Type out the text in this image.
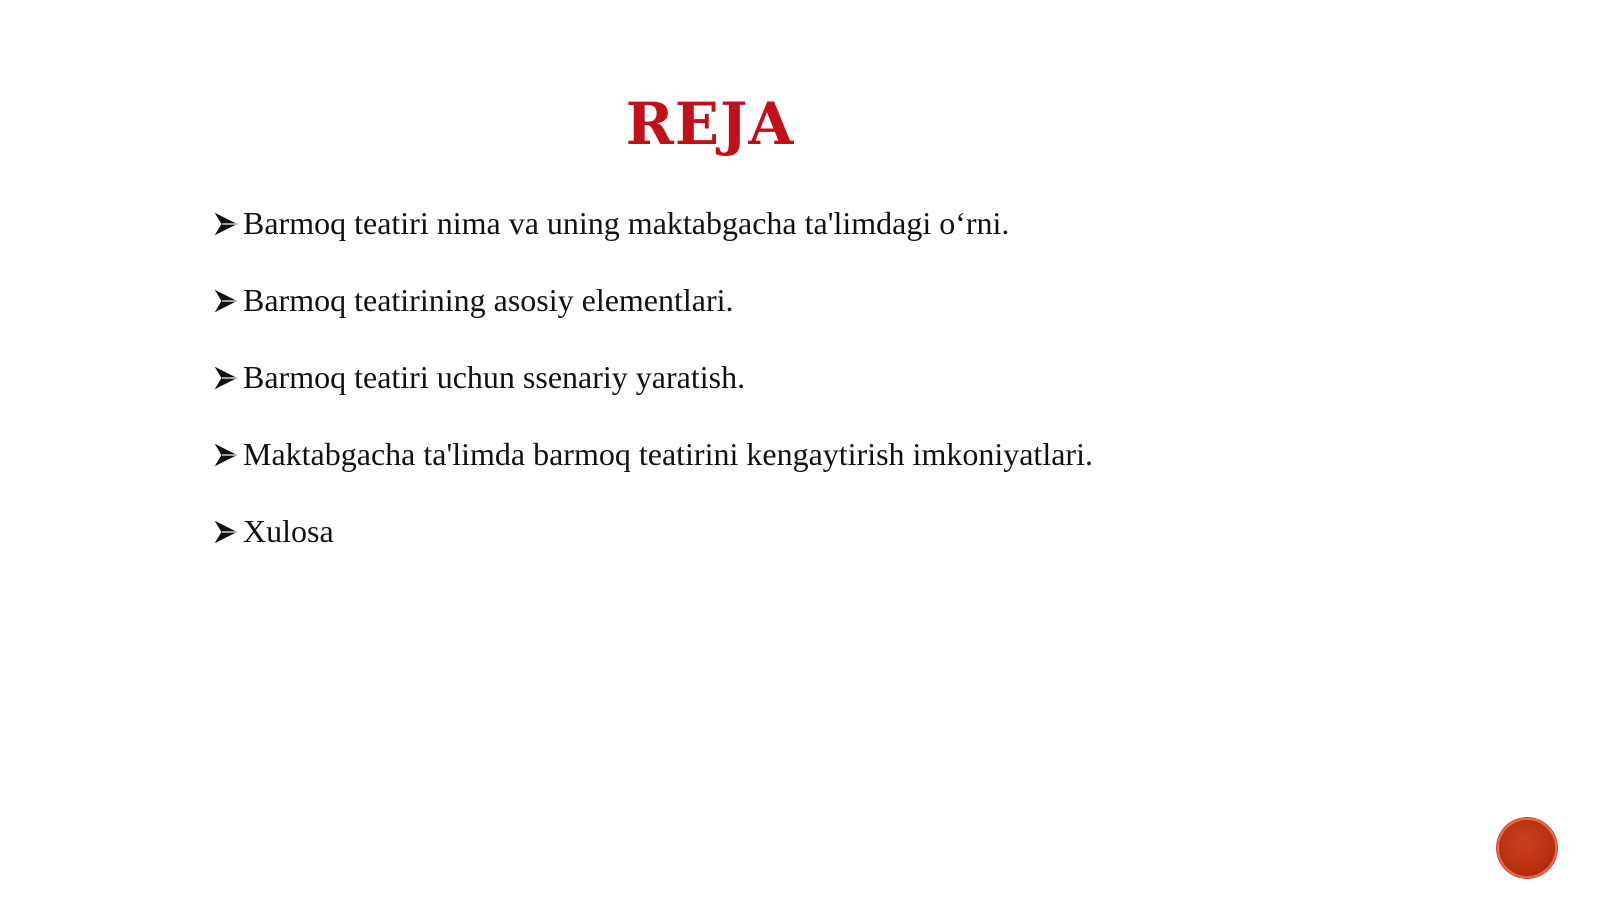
REJA
Barmoq teatiri nima va uning maktabgacha ta'limdagi o‘rni.
Barmoq teatirining asosiy elementlari.
Barmoq teatiri uchun ssenariy yaratish.
Maktabgacha ta'limda barmoq teatirini kengaytirish imkoniyatlari.
Xulosa
